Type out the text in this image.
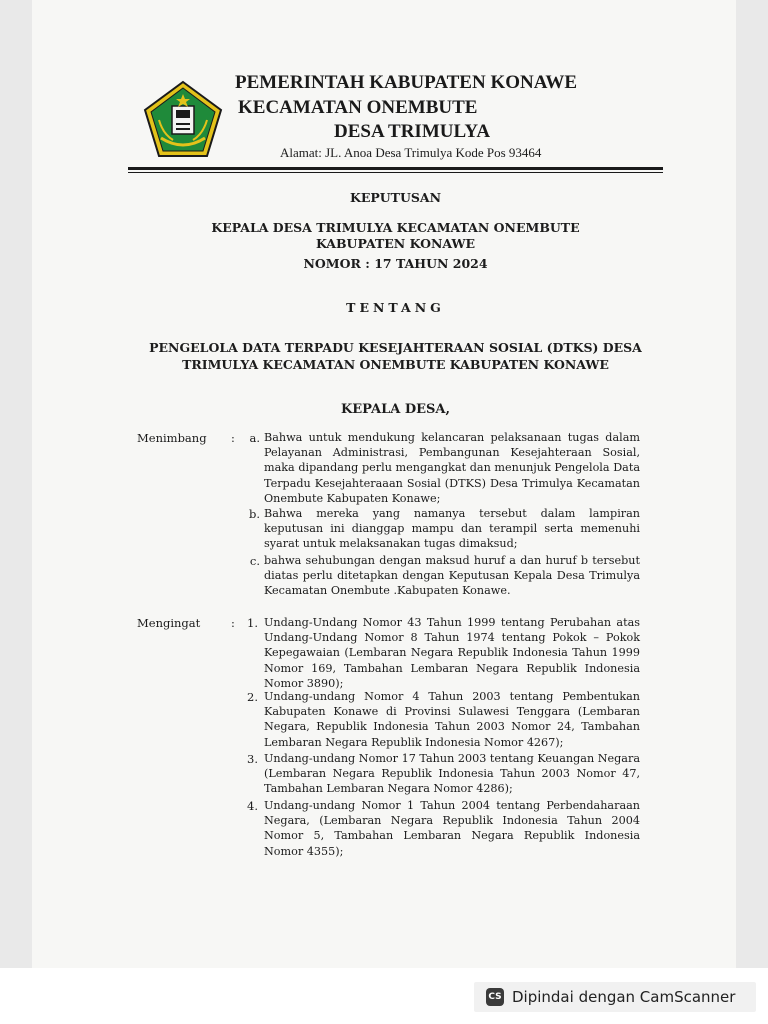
PEMERINTAH KABUPATEN KONAWE
KECAMATAN ONEMBUTE
DESA TRIMULYA
Alamat: JL. Anoa Desa Trimulya Kode Pos 93464
KEPUTUSAN
KEPALA DESA TRIMULYA KECAMATAN ONEMBUTE
KABUPATEN KONAWE
NOMOR : 17 TAHUN 2024
TENTANG
PENGELOLA DATA TERPADU KESEJAHTERAAN SOSIAL (DTKS) DESA
TRIMULYA KECAMATAN ONEMBUTE KABUPATEN KONAWE
KEPALA DESA,
Menimbang :	a. Bahwa untuk mendukung kelancaran pelaksanaan tugas dalam Pelayanan Administrasi, Pembangunan Kesejahteraan Sosial, maka dipandang perlu mengangkat dan menunjuk Pengelola Data Terpadu Kesejahteraaan Sosial (DTKS) Desa Trimulya Kecamatan Onembute Kabupaten Konawe;
b. Bahwa mereka yang namanya tersebut dalam lampiran keputusan ini dianggap mampu dan terampil serta memenuhi syarat untuk melaksanakan tugas dimaksud;
c. bahwa sehubungan dengan maksud huruf a dan huruf b tersebut diatas perlu ditetapkan dengan Keputusan Kepala Desa Trimulya Kecamatan Onembute .Kabupaten Konawe.
Mengingat	:	1. Undang-Undang Nomor 43 Tahun 1999 tentang Perubahan atas Undang-Undang Nomor 8 Tahun 1974 tentang Pokok – Pokok Kepegawaian (Lembaran Negara Republik Indonesia Tahun 1999 Nomor 169, Tambahan Lembaran Negara Republik Indonesia Nomor 3890);
2. Undang-undang Nomor 4 Tahun 2003 tentang Pembentukan Kabupaten Konawe di Provinsi Sulawesi Tenggara (Lembaran Negara, Republik Indonesia Tahun 2003 Nomor 24, Tambahan Lembaran Negara Republik Indonesia Nomor 4267);
3. Undang-undang Nomor 17 Tahun 2003 tentang Keuangan Negara (Lembaran Negara Republik Indonesia Tahun 2003 Nomor 47, Tambahan Lembaran Negara Nomor 4286);
4. Undang-undang Nomor 1 Tahun 2004 tentang Perbendaharaan Negara, (Lembaran Negara Republik Indonesia Tahun 2004 Nomor 5, Tambahan Lembaran Negara Republik Indonesia Nomor 4355);
CS Dipindai dengan CamScanner
